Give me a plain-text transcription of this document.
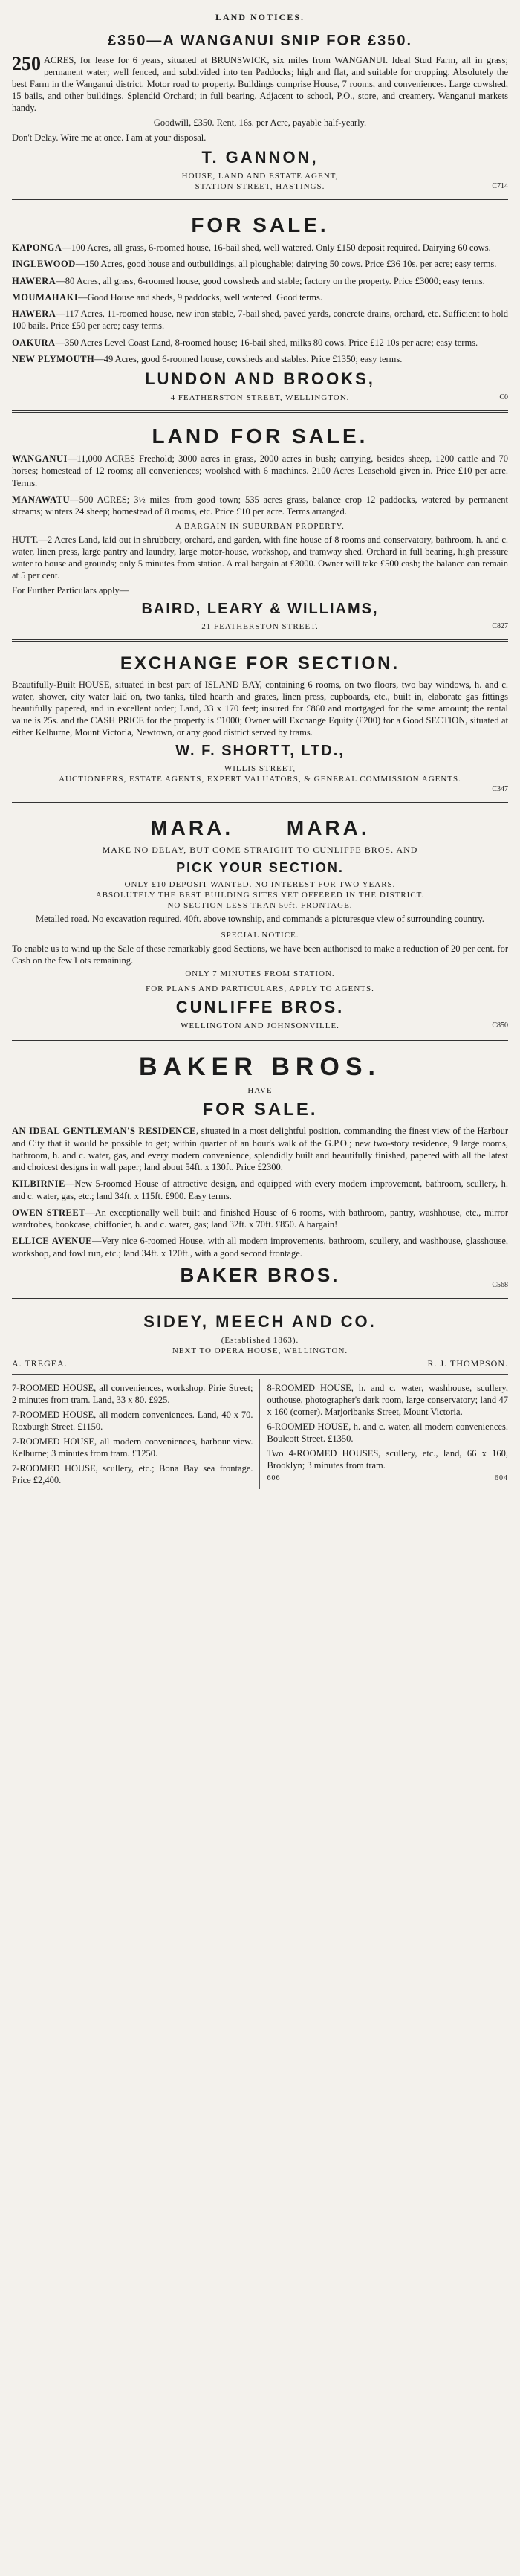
LAND NOTICES.
£350—A WANGANUI SNIP FOR £350.

250 ACRES, for lease for 6 years, situated at BRUNSWICK, six miles from WANGANUI. Ideal Stud Farm, all in grass; permanent water; well fenced, and subdivided into ten Paddocks; high and flat, and suitable for cropping. Absolutely the best Farm in the Wanganui district. Motor road to property. Buildings comprise House, 7 rooms, and conveniences. Large cowshed, 15 bails, and other buildings. Splendid Orchard; in full bearing. Adjacent to school, P.O., store, and creamery. Wanganui markets handy.

Goodwill, £350. Rent, 16s. per Acre, payable half-yearly.

Don't Delay. Wire me at once. I am at your disposal.

T. GANNON,
HOUSE, LAND AND ESTATE AGENT,
STATION STREET, HASTINGS.	C714
FOR SALE.
KAPONGA—100 Acres, all grass, 6-roomed house, 16-bail shed, well watered. Only £150 deposit required. Dairying 60 cows.
INGLEWOOD—150 Acres, good house and outbuildings, all ploughable; dairying 50 cows. Price £36 10s. per acre; easy terms.
HAWERA—80 Acres, all grass, 6-roomed house, good cowsheds and stable; factory on the property. Price £3000; easy terms.
MOUMAHAKI—Good House and sheds, 9 paddocks, well watered. Good terms.
HAWERA—117 Acres, 11-roomed house, new iron stable, 7-bail shed, paved yards, concrete drains, orchard, etc. Sufficient to hold 100 bails. Price £50 per acre; easy terms.
OAKURA—350 Acres Level Coast Land, 8-roomed house; 16-bail shed, milks 80 cows. Price £12 10s per acre; easy terms.
NEW PLYMOUTH—49 Acres, good 6-roomed house, cowsheds and stables. Price £1350; easy terms.
LUNDON AND BROOKS,
4 FEATHERSTON STREET, WELLINGTON.	C0
LAND FOR SALE.
WANGANUI—11,000 ACRES Freehold; 3000 acres in grass, 2000 acres in bush; carrying, besides sheep, 1200 cattle and 70 horses; homestead of 12 rooms; all conveniences; woolshed with 6 machines. 2100 Acres Leasehold given in. Price £10 per acre. Terms.
MANAWATU—500 ACRES; 3½ miles from good town; 535 acres grass, balance crop 12 paddocks, watered by permanent streams; winters 24 sheep; homestead of 8 rooms, etc. Price £10 per acre. Terms arranged.
A BARGAIN IN SUBURBAN PROPERTY.

HUTT.—2 Acres Land, laid out in shrubbery, orchard, and garden, with fine house of 8 rooms and conservatory, bathroom, h. and c. water, linen press, large pantry and laundry, large motor-house, workshop, and tramway shed. Orchard in full bearing, high pressure water to house and grounds; only 5 minutes from station. A real bargain at £3000. Owner will take £500 cash; the balance can remain at 5 per cent.

For Further Particulars apply—

BAIRD, LEARY & WILLIAMS,
21 FEATHERSTON STREET.	C827
EXCHANGE FOR SECTION.

Beautifully-Built HOUSE, situated in best part of ISLAND BAY, containing 6 rooms, on two floors, two bay windows, h. and c. water, shower, city water laid on, two tanks, tiled hearth and grates, linen press, cupboards, etc., built in, elaborate gas fittings beautifully papered, and in excellent order; Land, 33 x 170 feet; insured for £860 and mortgaged for the same amount; the rental value is 25s. and the CASH PRICE for the property is £1000; Owner will Exchange Equity (£200) for a Good SECTION, situated at either Kelburne, Mount Victoria, Newtown, or any good district served by trams.

W. F. SHORTT, LTD.,
WILLIS STREET,
AUCTIONEERS, ESTATE AGENTS, EXPERT VALUATORS, & GENERAL COMMISSION AGENTS.
C347
MARA. MARA.
MAKE NO DELAY, BUT COME STRAIGHT TO CUNLIFFE BROS. AND
PICK YOUR SECTION.
ONLY £10 DEPOSIT WANTED. NO INTEREST FOR TWO YEARS.
ABSOLUTELY THE BEST BUILDING SITES YET OFFERED IN THE DISTRICT.
NO SECTION LESS THAN 50ft. FRONTAGE.

Metalled road. No excavation required. 40ft. above township, and commands a picturesque view of surrounding country.

SPECIAL NOTICE.

To enable us to wind up the Sale of these remarkably good Sections, we have been authorised to make a reduction of 20 per cent. for Cash on the few Lots remaining.

ONLY 7 MINUTES FROM STATION.
FOR PLANS AND PARTICULARS, APPLY TO AGENTS.
CUNLIFFE BROS.
WELLINGTON AND JOHNSONVILLE.	C850
BAKER BROS.
HAVE
FOR SALE.
AN IDEAL GENTLEMAN'S RESIDENCE, situated in a most delightful position, commanding the finest view of the Harbour and City that it would be possible to get; within quarter of an hour's walk of the G.P.O.; new two-story residence, 9 large rooms, bathroom, h. and c. water, gas, and every modern convenience, splendidly built and beautifully finished, papered with all the latest and choicest designs in wall paper; land about 54ft. x 130ft. Price £2300.
KILBIRNIE—New 5-roomed House of attractive design, and equipped with every modern improvement, bathroom, scullery, h. and c. water, gas, etc.; land 34ft. x 115ft. £900. Easy terms.
OWEN STREET—An exceptionally well built and finished House of 6 rooms, with bathroom, pantry, washhouse, etc., mirror wardrobes, bookcase, chiffonier, h. and c. water, gas; land 32ft. x 70ft. £850. A bargain!
ELLICE AVENUE—Very nice 6-roomed House, with all modern improvements, bathroom, scullery, and washhouse, glasshouse, workshop, and fowl run, etc.; land 34ft. x 120ft., with a good second frontage.
BAKER BROS.	C568
SIDEY, MEECH AND CO.
(Established 1863).
NEXT TO OPERA HOUSE, WELLINGTON.
A. TREGEA.	R. J. THOMPSON.

7-ROOMED HOUSE, all conveniences, workshop. Pirie Street; 2 minutes from tram. Land, 33 x 80. £925.

7-ROOMED HOUSE, all modern conveniences. Land, 40 x 70. Roxburgh Street. £1150.

7-ROOMED HOUSE, all modern conveniences, harbour view. Kelburne; 3 minutes from tram. £1250.

7-ROOMED HOUSE, scullery, etc.; Bona Bay sea frontage. Price £2,400.

8-ROOMED HOUSE, h. and c. water, washhouse, scullery, outhouse, photographer's dark room, large conservatory; land 47 x 160 (corner). Marjoribanks Street, Mount Victoria.

6-ROOMED HOUSE, h. and c. water, all modern conveniences. Boulcott Street. £1350.

Two 4-ROOMED HOUSES, scullery, etc., land, 66 x 160, Brooklyn; 3 minutes from tram.

606	604
